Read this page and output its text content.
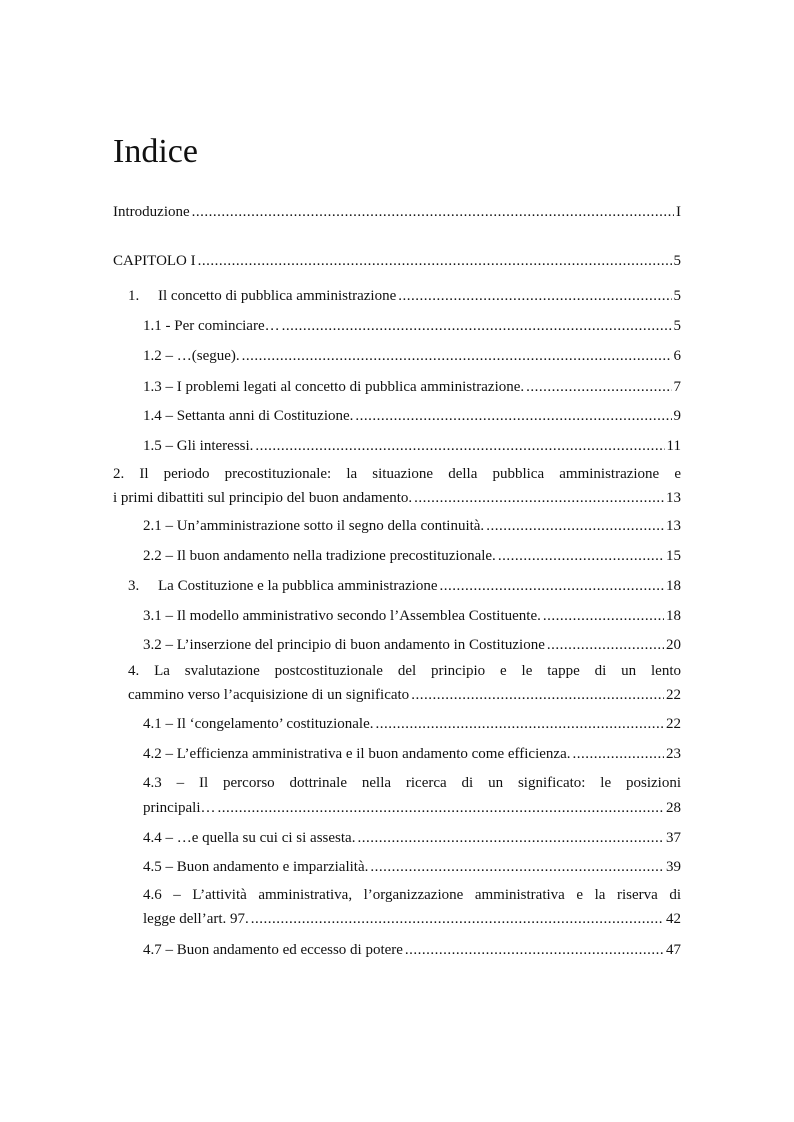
Indice
Introduzione .....	I
CAPITOLO I .....	5
1. Il concetto di pubblica amministrazione .....	5
1.1 - Per cominciare… .....	5
1.2 – …(segue). .....	6
1.3 – I problemi legati al concetto di pubblica amministrazione. .....	7
1.4 – Settanta anni di Costituzione. .....	9
1.5 – Gli interessi. .....	11
2. Il periodo precostituzionale: la situazione della pubblica amministrazione e
i primi dibattiti sul principio del buon andamento. .....	13
2.1 – Un’amministrazione sotto il segno della continuità. .....	13
2.2 – Il buon andamento nella tradizione precostituzionale. .....	15
3. La Costituzione e la pubblica amministrazione .....	18
3.1 – Il modello amministrativo secondo l’Assemblea Costituente. .....	18
3.2 – L’inserzione del principio di buon andamento in Costituzione .....	20
4. La svalutazione postcostituzionale del principio e le tappe di un lento
cammino verso l’acquisizione di un significato .....	22
4.1 – Il ‘congelamento’ costituzionale. .....	22
4.2 – L’efficienza amministrativa e il buon andamento come efficienza. .....	23
4.3 – Il percorso dottrinale nella ricerca di un significato: le posizioni
principali… .....	28
4.4 – …e quella su cui ci si assesta. .....	37
4.5 – Buon andamento e imparzialità. .....	39
4.6 – L’attività amministrativa, l’organizzazione amministrativa e la riserva di
legge dell’art. 97. .....	42
4.7 – Buon andamento ed eccesso di potere .....	47
